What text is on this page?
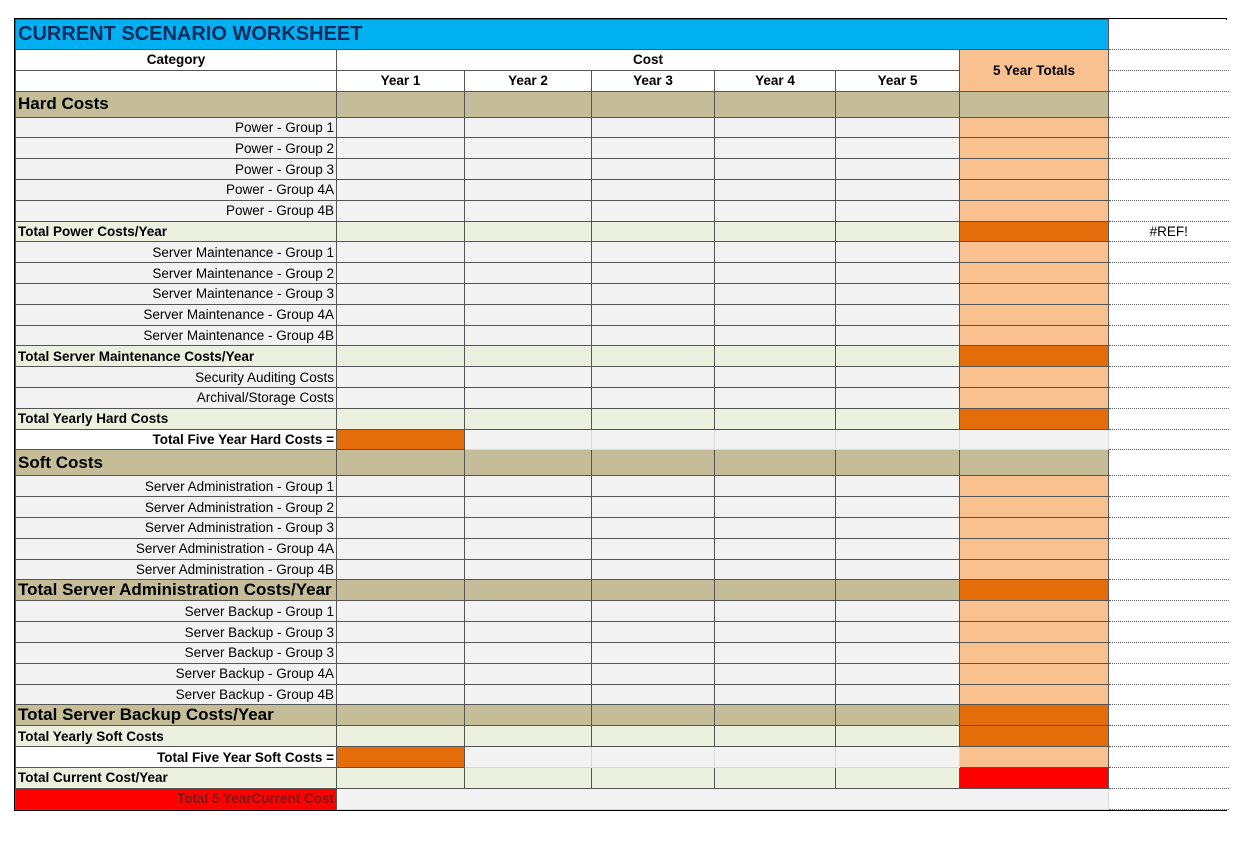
CURRENT SCENARIO WORKSHEET							
Category	Cost					5 Year Totals	
	Year 1	Year 2	Year 3	Year 4	Year 5		
Hard Costs							
Power - Group 1							
Power - Group 2							
Power - Group 3							
Power - Group 4A							
Power - Group 4B							
Total Power Costs/Year							#REF!
Server Maintenance - Group 1							
Server Maintenance - Group 2							
Server Maintenance - Group 3							
Server Maintenance - Group 4A							
Server Maintenance - Group 4B							
Total Server Maintenance Costs/Year							
Security Auditing Costs							
Archival/Storage Costs							
Total Yearly Hard Costs							
Total Five Year Hard Costs =							
Soft Costs							
Server Administration - Group 1							
Server Administration - Group 2							
Server Administration - Group 3							
Server Administration - Group 4A							
Server Administration - Group 4B							
Total Server Administration Costs/Year							
Server Backup - Group 1							
Server Backup - Group 3							
Server Backup - Group 3							
Server Backup - Group 4A							
Server Backup - Group 4B							
Total Server Backup Costs/Year							
Total Yearly Soft Costs							
Total Five Year Soft Costs =							
Total Current Cost/Year							
Total 5 YearCurrent Cost							
